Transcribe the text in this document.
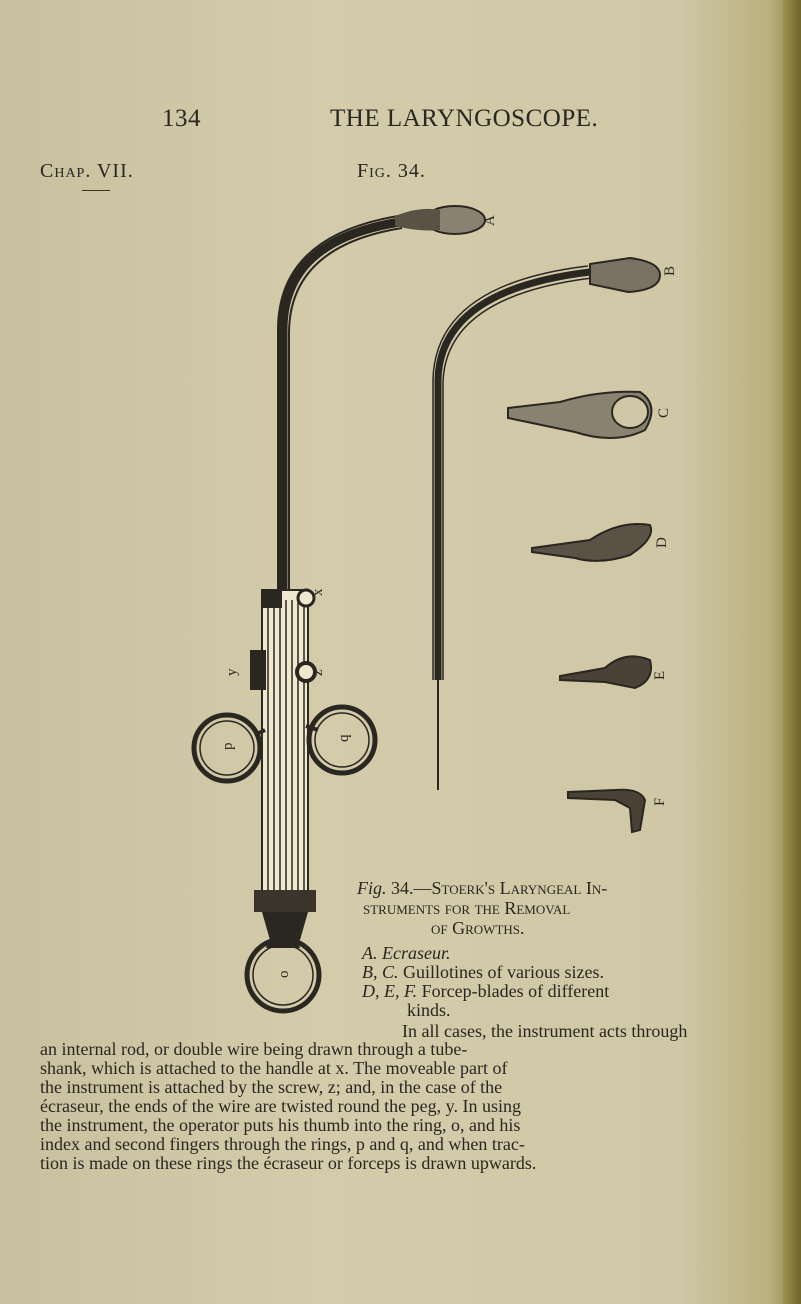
134	THE LARYNGOSCOPE.
Chap. VII.	Fig. 34.
A
B
C
D
E
F
x
z
y
p
q
o
Fig. 34.—Stoerk's Laryngeal In-
struments for the Removal
of Growths.
A. Ecraseur.
B, C. Guillotines of various sizes.
D, E, F. Forcep-blades of different
kinds.
In all cases, the instrument acts through
an internal rod, or double wire being drawn through a tube-
shank, which is attached to the handle at x. The moveable part of
the instrument is attached by the screw, z; and, in the case of the
écraseur, the ends of the wire are twisted round the peg, y. In using
the instrument, the operator puts his thumb into the ring, o, and his
index and second fingers through the rings, p and q, and when trac-
tion is made on these rings the écraseur or forceps is drawn upwards.
